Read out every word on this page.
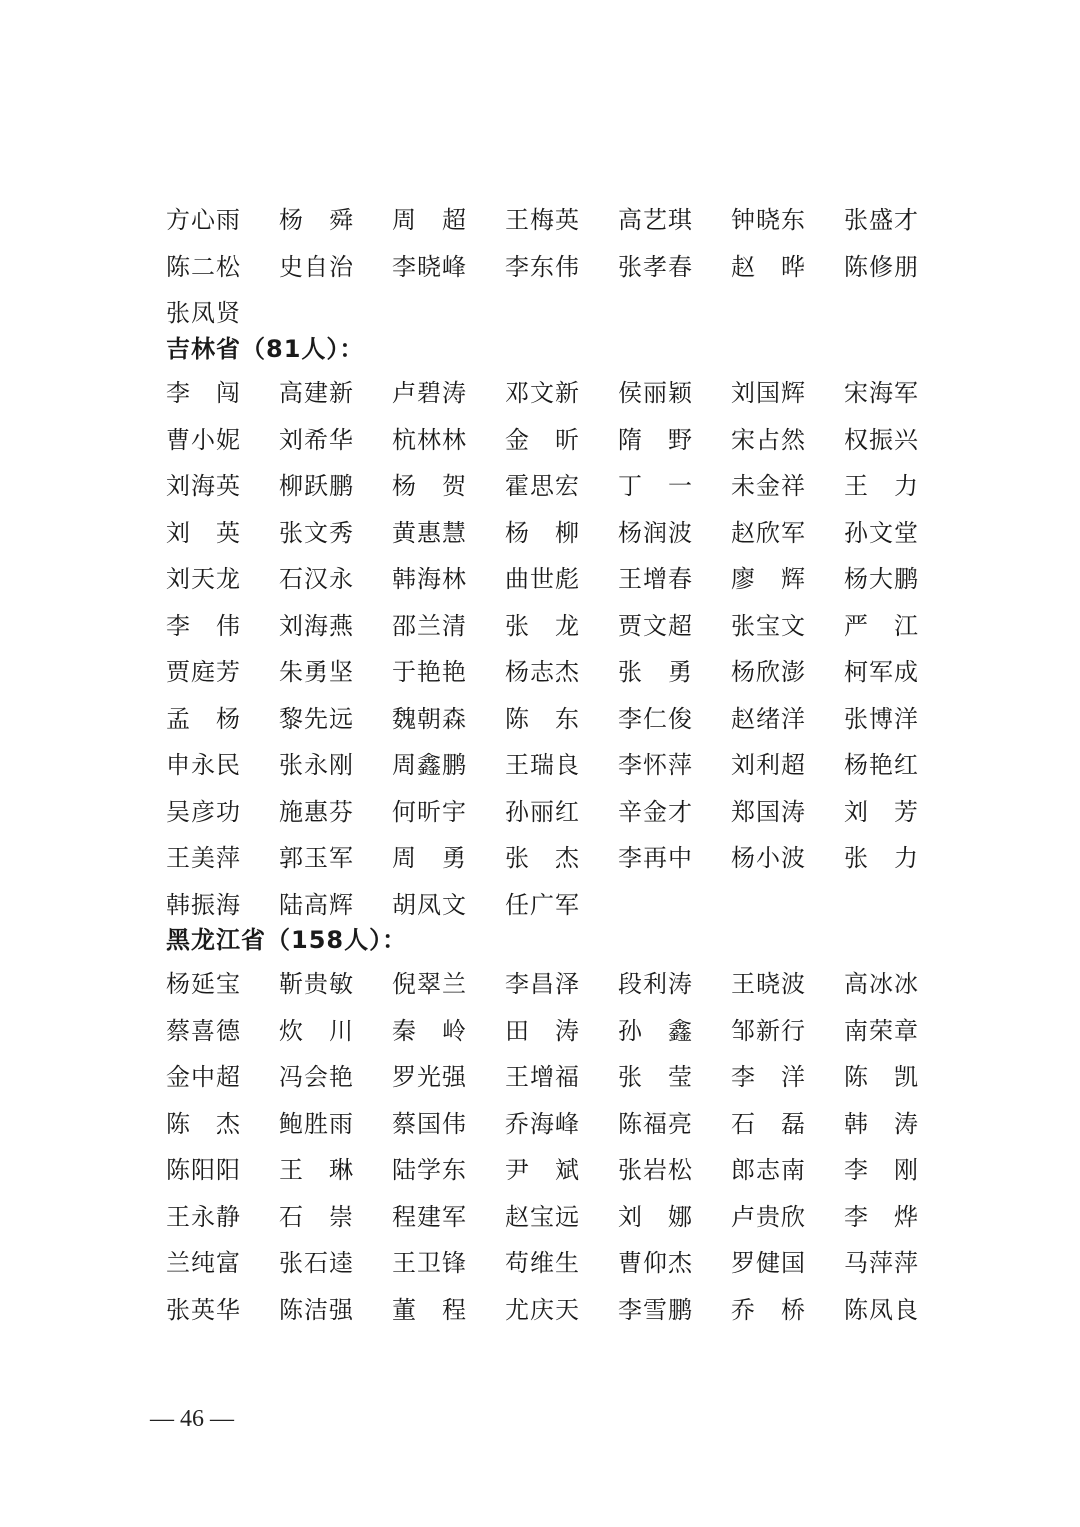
方 心 雨 杨 舜 周 超 王 梅 英 高 艺 琪 钟 晓 东 张 盛 才
陈 二 松 史 自 治 李 晓 峰 李 东 伟 张 孝 春 赵 晔 陈 修 朋
张 凤 贤
吉林省（81人）：
李 闯 高 建 新 卢 碧 涛 邓 文 新 侯 丽 颖 刘 国 辉 宋 海 军
曹 小 妮 刘 希 华 杭 林 林 金 昕 隋 野 宋 占 然 权 振 兴
刘 海 英 柳 跃 鹏 杨 贺 霍 思 宏 丁 一 未 金 祥 王 力
刘 英 张 文 秀 黄 惠 慧 杨 柳 杨 润 波 赵 欣 军 孙 文 堂
刘 天 龙 石 汉 永 韩 海 林 曲 世 彪 王 增 春 廖 辉 杨 大 鹏
李 伟 刘 海 燕 邵 兰 清 张 龙 贾 文 超 张 宝 文 严 江
贾 庭 芳 朱 勇 坚 于 艳 艳 杨 志 杰 张 勇 杨 欣 澎 柯 军 成
孟 杨 黎 先 远 魏 朝 森 陈 东 李 仁 俊 赵 绪 洋 张 博 洋
申 永 民 张 永 刚 周 鑫 鹏 王 瑞 良 李 怀 萍 刘 利 超 杨 艳 红
吴 彦 功 施 惠 芬 何 昕 宇 孙 丽 红 辛 金 才 郑 国 涛 刘 芳
王 美 萍 郭 玉 军 周 勇 张 杰 李 再 中 杨 小 波 张 力
韩 振 海 陆 高 辉 胡 凤 文 任 广 军
黑龙江省（158人）：
杨 延 宝 靳 贵 敏 倪 翠 兰 李 昌 泽 段 利 涛 王 晓 波 高 冰 冰
蔡 喜 德 炊 川 秦 岭 田 涛 孙 鑫 邹 新 行 南 荣 章
金 中 超 冯 会 艳 罗 光 强 王 增 福 张 莹 李 洋 陈 凯
陈 杰 鲍 胜 雨 蔡 国 伟 乔 海 峰 陈 福 亮 石 磊 韩 涛
陈 阳 阳 王 琳 陆 学 东 尹 斌 张 岩 松 郎 志 南 李 刚
王 永 静 石 崇 程 建 军 赵 宝 远 刘 娜 卢 贵 欣 李 烨
兰 纯 富 张 石 逵 王 卫 锋 苟 维 生 曹 仰 杰 罗 健 国 马 萍 萍
张 英 华 陈 洁 强 董 程 尤 庆 天 李 雪 鹏 乔 桥 陈 凤 良
— 46 —
